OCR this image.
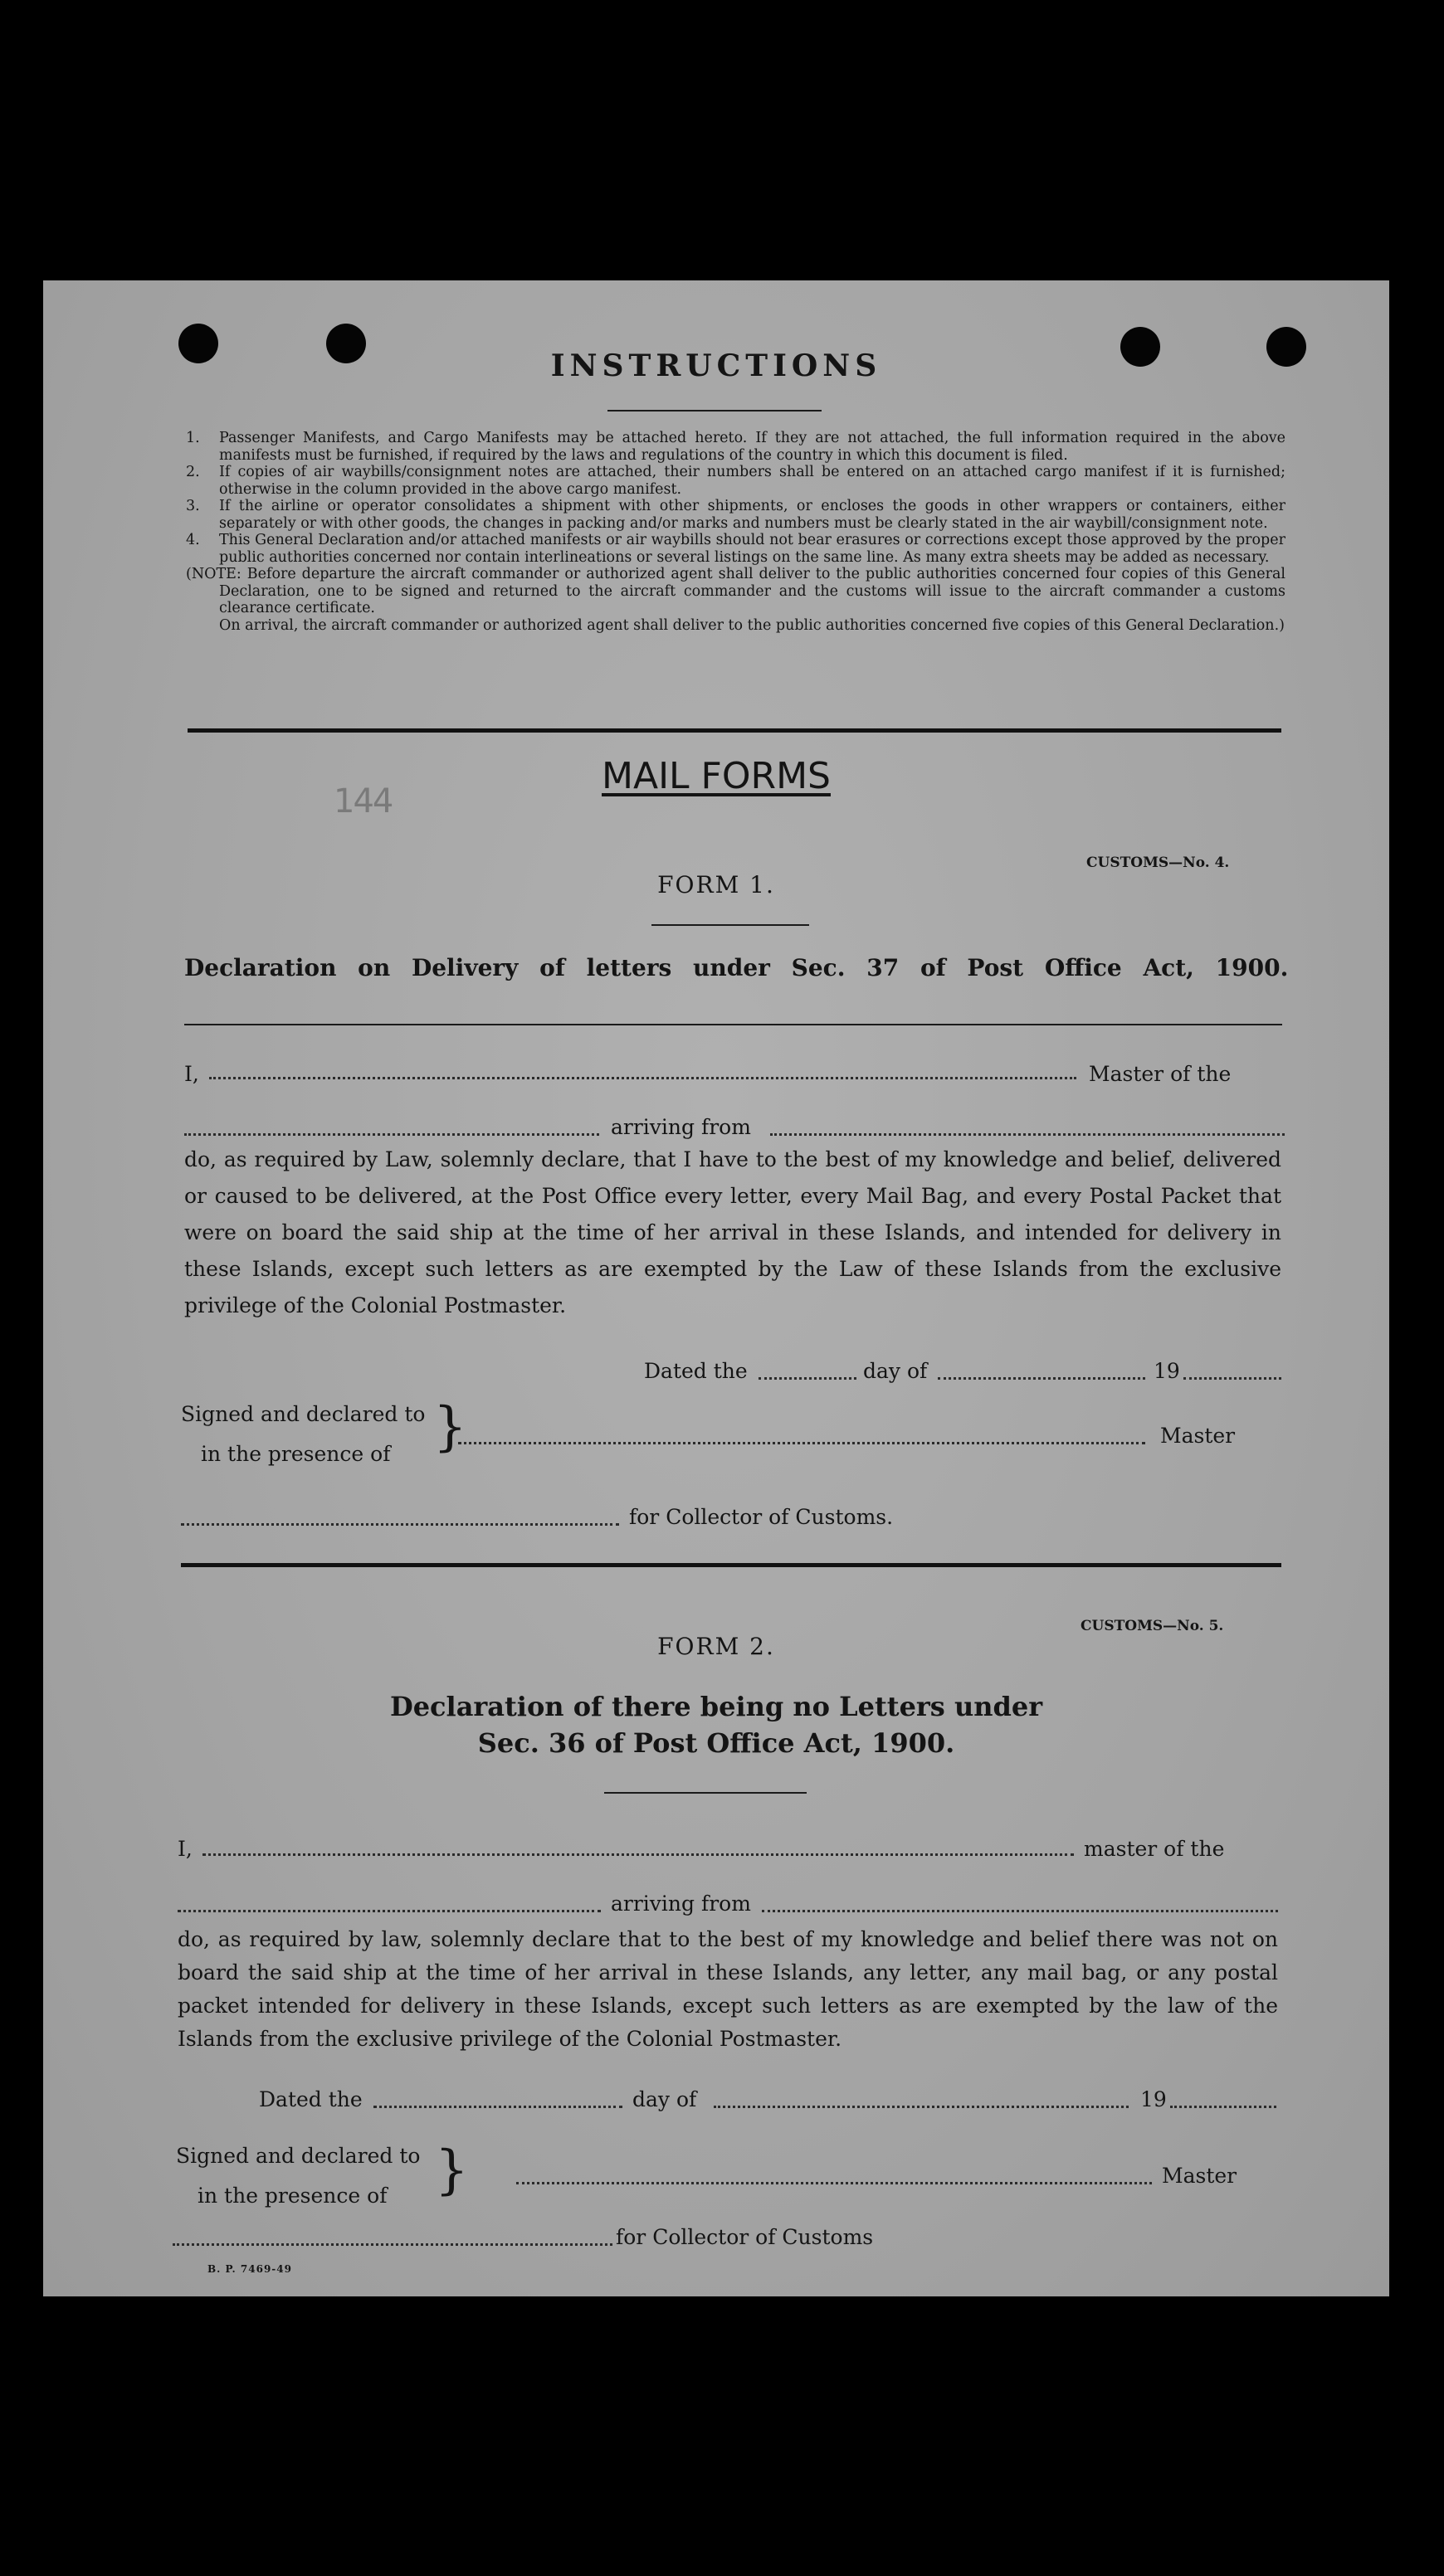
INSTRUCTIONS
1. Passenger Manifests, and Cargo Manifests may be attached hereto. If they are not attached, the full information required in the above manifests must be furnished, if required by the laws and regulations of the country in which this document is filed.

2. If copies of air waybills/consignment notes are attached, their numbers shall be entered on an attached cargo manifest if it is furnished; otherwise in the column provided in the above cargo manifest.

3. If the airline or operator consolidates a shipment with other shipments, or encloses the goods in other wrappers or containers, either separately or with other goods, the changes in packing and/or marks and numbers must be clearly stated in the air waybill/consignment note.

4. This General Declaration and/or attached manifests or air waybills should not bear erasures or corrections except those approved by the proper public authorities concerned nor contain interlineations or several listings on the same line. As many extra sheets may be added as necessary.

(NOTE: Before departure the aircraft commander or authorized agent shall deliver to the public authorities concerned four copies of this General Declaration, one to be signed and returned to the aircraft commander and the customs will issue to the aircraft commander a customs clearance certificate.

On arrival, the aircraft commander or authorized agent shall deliver to the public authorities concerned five copies of this General Declaration.)

MAIL FORMS
144
CUSTOMS—No. 4.
FORM 1.
Declaration on Delivery of letters under Sec. 37 of Post Office Act, 1900.
I,	Master of the
arriving from
do, as required by Law, solemnly declare, that I have to the best of my knowledge and belief, delivered or caused to be delivered, at the Post Office every letter, every Mail Bag, and every Postal Packet that were on board the said ship at the time of her arrival in these Islands, and intended for delivery in these Islands, except such letters as are exempted by the Law of these Islands from the exclusive privilege of the Colonial Postmaster.
Dated the	day of	19
Signed and declared to
in the presence of }	Master
for Collector of Customs.
CUSTOMS—No. 5.
FORM 2.
Declaration of there being no Letters under
Sec. 36 of Post Office Act, 1900.
I,	master of the
arriving from
do, as required by law, solemnly declare that to the best of my knowledge and belief there was not on board the said ship at the time of her arrival in these Islands, any letter, any mail bag, or any postal packet intended for delivery in these Islands, except such letters as are exempted by the law of the Islands from the exclusive privilege of the Colonial Postmaster.
Dated the	day of	19
Signed and declared to
in the presence of }	Master
for Collector of Customs
B. P. 7469-49
